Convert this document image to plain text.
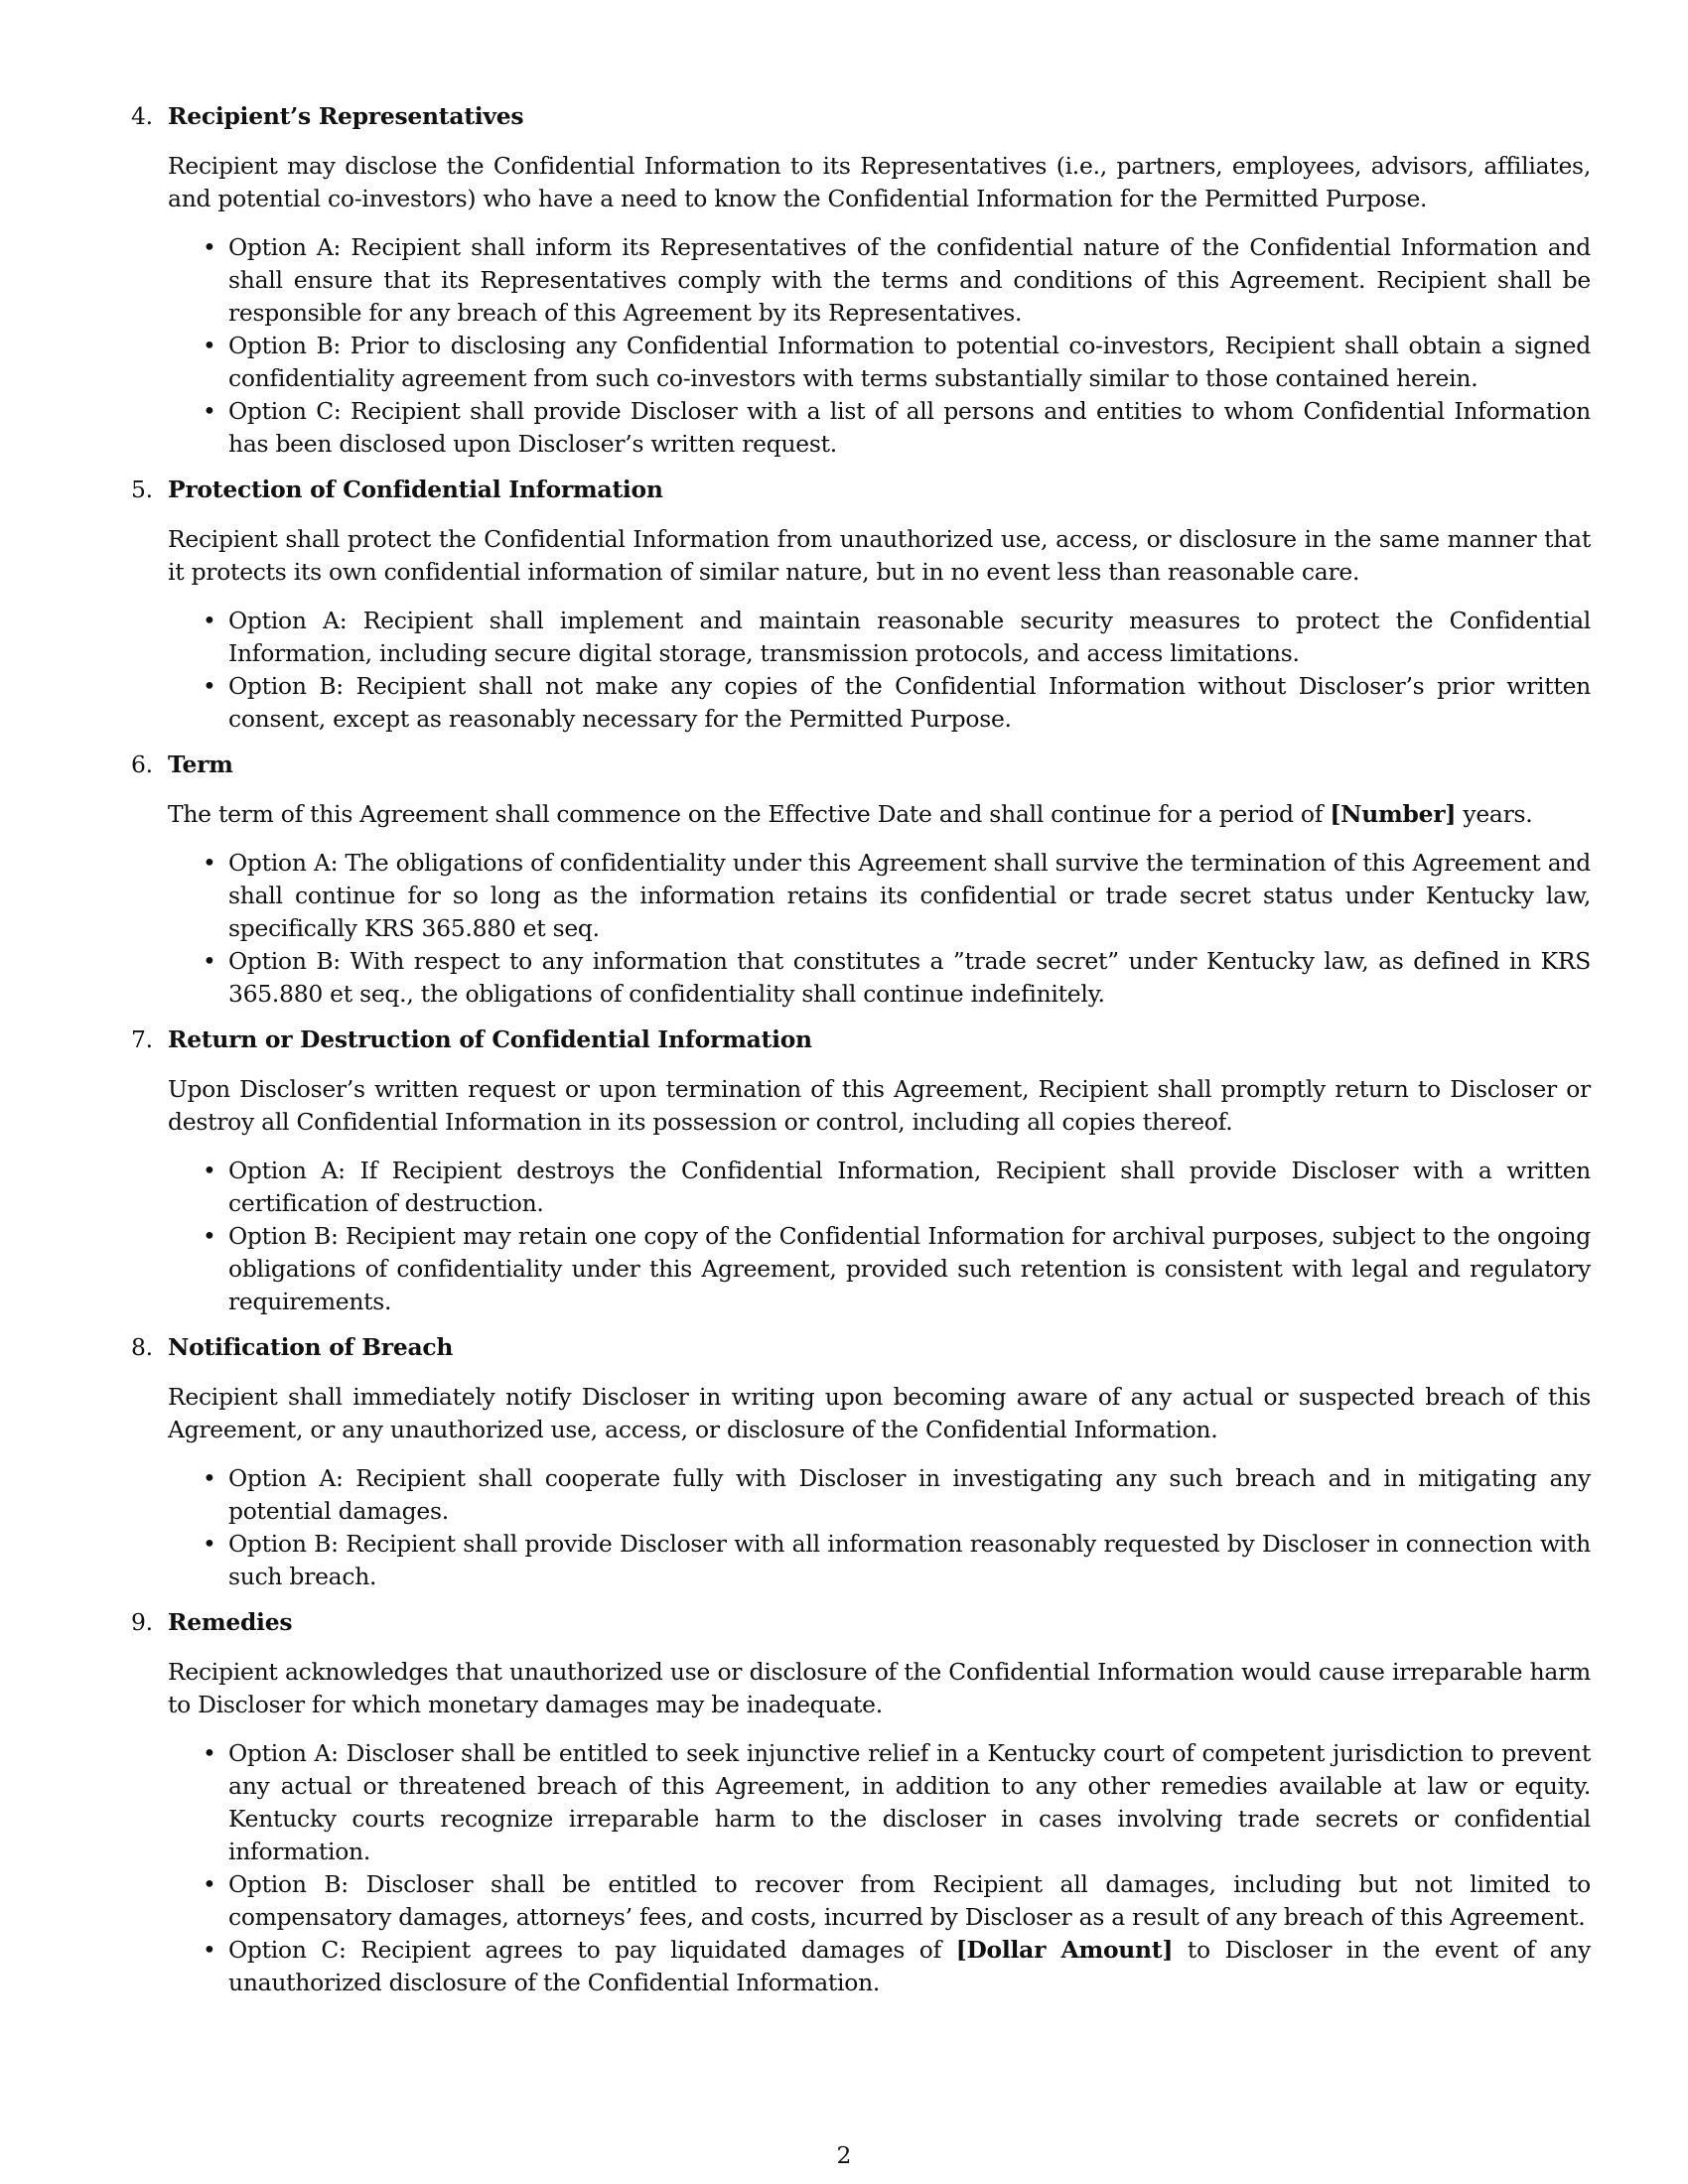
4. Recipient’s Representatives
Recipient may disclose the Confidential Information to its Representatives (i.e., partners, employees, advisors, affiliates, and potential co-investors) who have a need to know the Confidential Information for the Permitted Purpose.
• Option A: Recipient shall inform its Representatives of the confidential nature of the Confidential Information and shall ensure that its Representatives comply with the terms and conditions of this Agreement. Recipient shall be responsible for any breach of this Agreement by its Representatives.
• Option B: Prior to disclosing any Confidential Information to potential co-investors, Recipient shall obtain a signed confidentiality agreement from such co-investors with terms substantially similar to those contained herein.
• Option C: Recipient shall provide Discloser with a list of all persons and entities to whom Confidential Information has been disclosed upon Discloser’s written request.
5. Protection of Confidential Information
Recipient shall protect the Confidential Information from unauthorized use, access, or disclosure in the same manner that it protects its own confidential information of similar nature, but in no event less than reasonable care.
• Option A: Recipient shall implement and maintain reasonable security measures to protect the Confidential Information, including secure digital storage, transmission protocols, and access limitations.
• Option B: Recipient shall not make any copies of the Confidential Information without Discloser’s prior written consent, except as reasonably necessary for the Permitted Purpose.
6. Term
The term of this Agreement shall commence on the Effective Date and shall continue for a period of [Number] years.
• Option A: The obligations of confidentiality under this Agreement shall survive the termination of this Agreement and shall continue for so long as the information retains its confidential or trade secret status under Kentucky law, specifically KRS 365.880 et seq.
• Option B: With respect to any information that constitutes a ”trade secret” under Kentucky law, as defined in KRS 365.880 et seq., the obligations of confidentiality shall continue indefinitely.
7. Return or Destruction of Confidential Information
Upon Discloser’s written request or upon termination of this Agreement, Recipient shall promptly return to Discloser or destroy all Confidential Information in its possession or control, including all copies thereof.
• Option A: If Recipient destroys the Confidential Information, Recipient shall provide Discloser with a written certification of destruction.
• Option B: Recipient may retain one copy of the Confidential Information for archival purposes, subject to the ongoing obligations of confidentiality under this Agreement, provided such retention is consistent with legal and regulatory requirements.
8. Notification of Breach
Recipient shall immediately notify Discloser in writing upon becoming aware of any actual or suspected breach of this Agreement, or any unauthorized use, access, or disclosure of the Confidential Information.
• Option A: Recipient shall cooperate fully with Discloser in investigating any such breach and in mitigating any potential damages.
• Option B: Recipient shall provide Discloser with all information reasonably requested by Discloser in connection with such breach.
9. Remedies
Recipient acknowledges that unauthorized use or disclosure of the Confidential Information would cause irreparable harm to Discloser for which monetary damages may be inadequate.
• Option A: Discloser shall be entitled to seek injunctive relief in a Kentucky court of competent jurisdiction to prevent any actual or threatened breach of this Agreement, in addition to any other remedies available at law or equity. Kentucky courts recognize irreparable harm to the discloser in cases involving trade secrets or confidential information.
• Option B: Discloser shall be entitled to recover from Recipient all damages, including but not limited to compensatory damages, attorneys’ fees, and costs, incurred by Discloser as a result of any breach of this Agreement.
• Option C: Recipient agrees to pay liquidated damages of [Dollar Amount] to Discloser in the event of any unauthorized disclosure of the Confidential Information.
2
